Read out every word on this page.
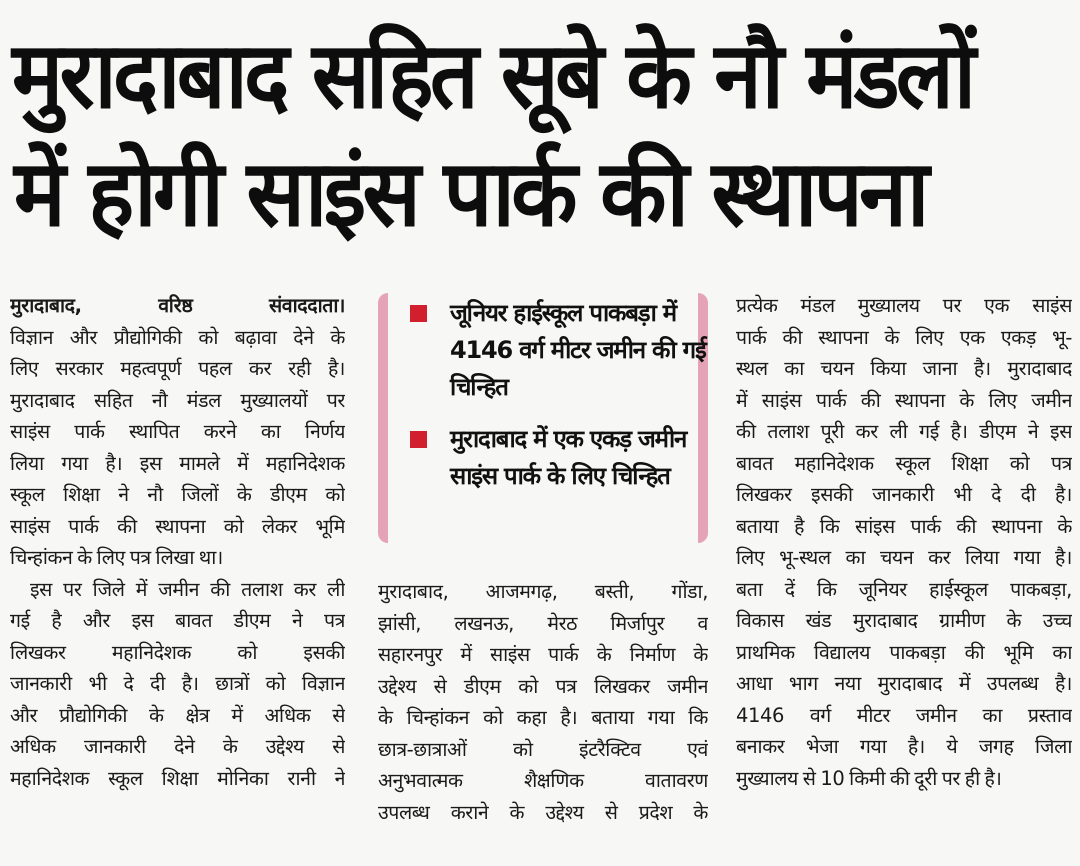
मुरादाबाद सहित सूबे के नौ मंडलों
में होगी साइंस पार्क की स्थापना
मुरादाबाद, वरिष्ठ संवाददाता।
विज्ञान और प्रौद्योगिकी को बढ़ावा देने के
लिए सरकार महत्वपूर्ण पहल कर रही है।
मुरादाबाद सहित नौ मंडल मुख्यालयों पर
साइंस पार्क स्थापित करने का निर्णय
लिया गया है। इस मामले में महानिदेशक
स्कूल शिक्षा ने नौ जिलों के डीएम को
साइंस पार्क की स्थापना को लेकर भूमि
चिन्हांकन के लिए पत्र लिखा था।
इस पर जिले में जमीन की तलाश कर ली
गई है और इस बावत डीएम ने पत्र
लिखकर महानिदेशक को इसकी
जानकारी भी दे दी है। छात्रों को विज्ञान
और प्रौद्योगिकी के क्षेत्र में अधिक से
अधिक जानकारी देने के उद्देश्य से
महानिदेशक स्कूल शिक्षा मोनिका रानी ने
जूनियर हाईस्कूल पाकबड़ा में 4146 वर्ग मीटर जमीन की गई चिन्हित
मुरादाबाद में एक एकड़ जमीन साइंस पार्क के लिए चिन्हित
मुरादाबाद, आजमगढ़, बस्ती, गोंडा,
झांसी, लखनऊ, मेरठ मिर्जापुर व
सहारनपुर में साइंस पार्क के निर्माण के
उद्देश्य से डीएम को पत्र लिखकर जमीन
के चिन्हांकन को कहा है। बताया गया कि
छात्र-छात्राओं को इंटरैक्टिव एवं
अनुभवात्मक शैक्षणिक वातावरण
उपलब्ध कराने के उद्देश्य से प्रदेश के
प्रत्येक मंडल मुख्यालय पर एक साइंस
पार्क की स्थापना के लिए एक एकड़ भू-
स्थल का चयन किया जाना है। मुरादाबाद
में साइंस पार्क की स्थापना के लिए जमीन
की तलाश पूरी कर ली गई है। डीएम ने इस
बावत महानिदेशक स्कूल शिक्षा को पत्र
लिखकर इसकी जानकारी भी दे दी है।
बताया है कि सांइस पार्क की स्थापना के
लिए भू-स्थल का चयन कर लिया गया है।
बता दें कि जूनियर हाईस्कूल पाकबड़ा,
विकास खंड मुरादाबाद ग्रामीण के उच्च
प्राथमिक विद्यालय पाकबड़ा की भूमि का
आधा भाग नया मुरादाबाद में उपलब्ध है।
4146 वर्ग मीटर जमीन का प्रस्ताव
बनाकर भेजा गया है। ये जगह जिला
मुख्यालय से 10 किमी की दूरी पर ही है।
